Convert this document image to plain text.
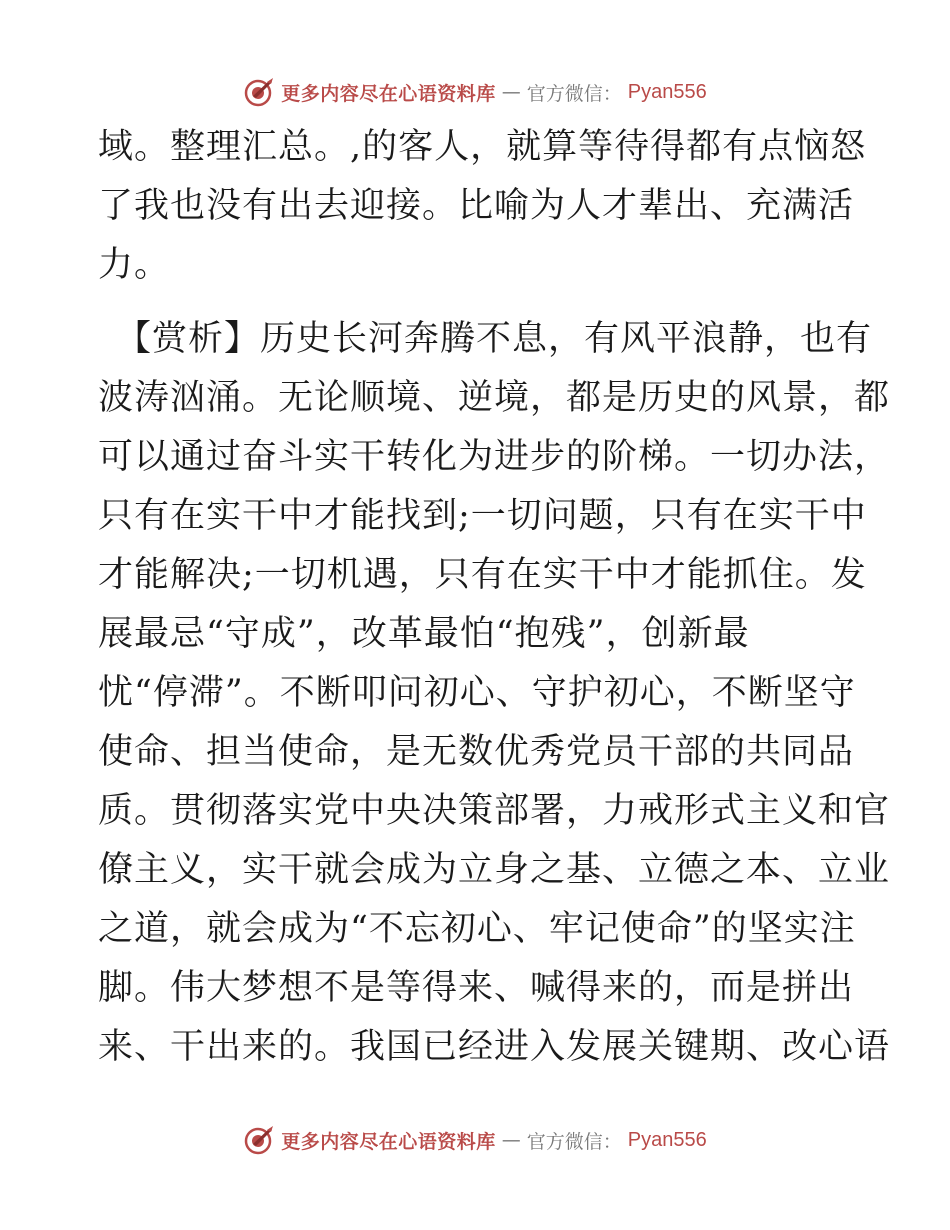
更多内容尽在心语资料库 — 官方微信： Pyan556
域。整理汇总。,的客人，就算等待得都有点恼怒
了我也没有出去迎接。比喻为人才辈出、充满活
力。
【赏析】历史长河奔腾不息，有风平浪静，也有
波涛汹涌。无论顺境、逆境，都是历史的风景，都
可以通过奋斗实干转化为进步的阶梯。一切办法，
只有在实干中才能找到;一切问题，只有在实干中
才能解决;一切机遇，只有在实干中才能抓住。发
展最忌“守成”，改革最怕“抱残”，创新最
忧“停滞”。不断叩问初心、守护初心，不断坚守
使命、担当使命，是无数优秀党员干部的共同品
质。贯彻落实党中央决策部署，力戒形式主义和官
僚主义，实干就会成为立身之基、立德之本、立业
之道，就会成为“不忘初心、牢记使命”的坚实注
脚。伟大梦想不是等得来、喊得来的，而是拼出
来、干出来的。我国已经进入发展关键期、改心语
更多内容尽在心语资料库 — 官方微信： Pyan556
